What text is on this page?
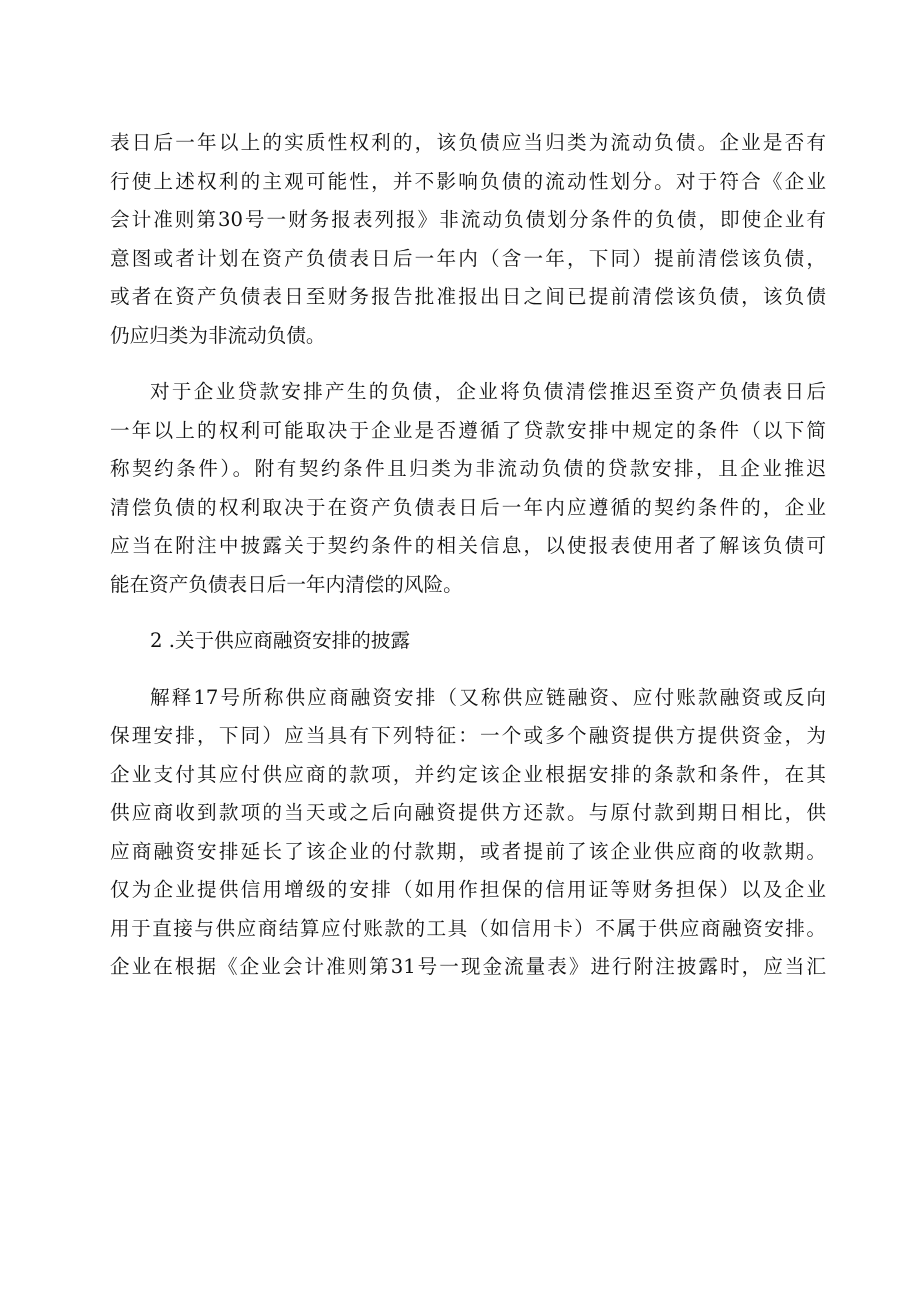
表日后一年以上的实质性权利的，该负债应当归类为流动负债。企业是否有
行使上述权利的主观可能性，并不影响负债的流动性划分。对于符合《企业
会计准则第30号一财务报表列报》非流动负债划分条件的负债，即使企业有
意图或者计划在资产负债表日后一年内（含一年，下同）提前清偿该负债，
或者在资产负债表日至财务报告批准报出日之间已提前清偿该负债，该负债
仍应归类为非流动负债。
对于企业贷款安排产生的负债，企业将负债清偿推迟至资产负债表日后
一年以上的权利可能取决于企业是否遵循了贷款安排中规定的条件（以下简
称契约条件）。附有契约条件且归类为非流动负债的贷款安排，且企业推迟
清偿负债的权利取决于在资产负债表日后一年内应遵循的契约条件的，企业
应当在附注中披露关于契约条件的相关信息，以使报表使用者了解该负债可
能在资产负债表日后一年内清偿的风险。

2 .关于供应商融资安排的披露

解释17号所称供应商融资安排（又称供应链融资、应付账款融资或反向
保理安排，下同）应当具有下列特征：一个或多个融资提供方提供资金，为
企业支付其应付供应商的款项，并约定该企业根据安排的条款和条件，在其
供应商收到款项的当天或之后向融资提供方还款。与原付款到期日相比，供
应商融资安排延长了该企业的付款期，或者提前了该企业供应商的收款期。
仅为企业提供信用增级的安排（如用作担保的信用证等财务担保）以及企业
用于直接与供应商结算应付账款的工具（如信用卡）不属于供应商融资安排。
企业在根据《企业会计准则第31号一现金流量表》进行附注披露时，应当汇
